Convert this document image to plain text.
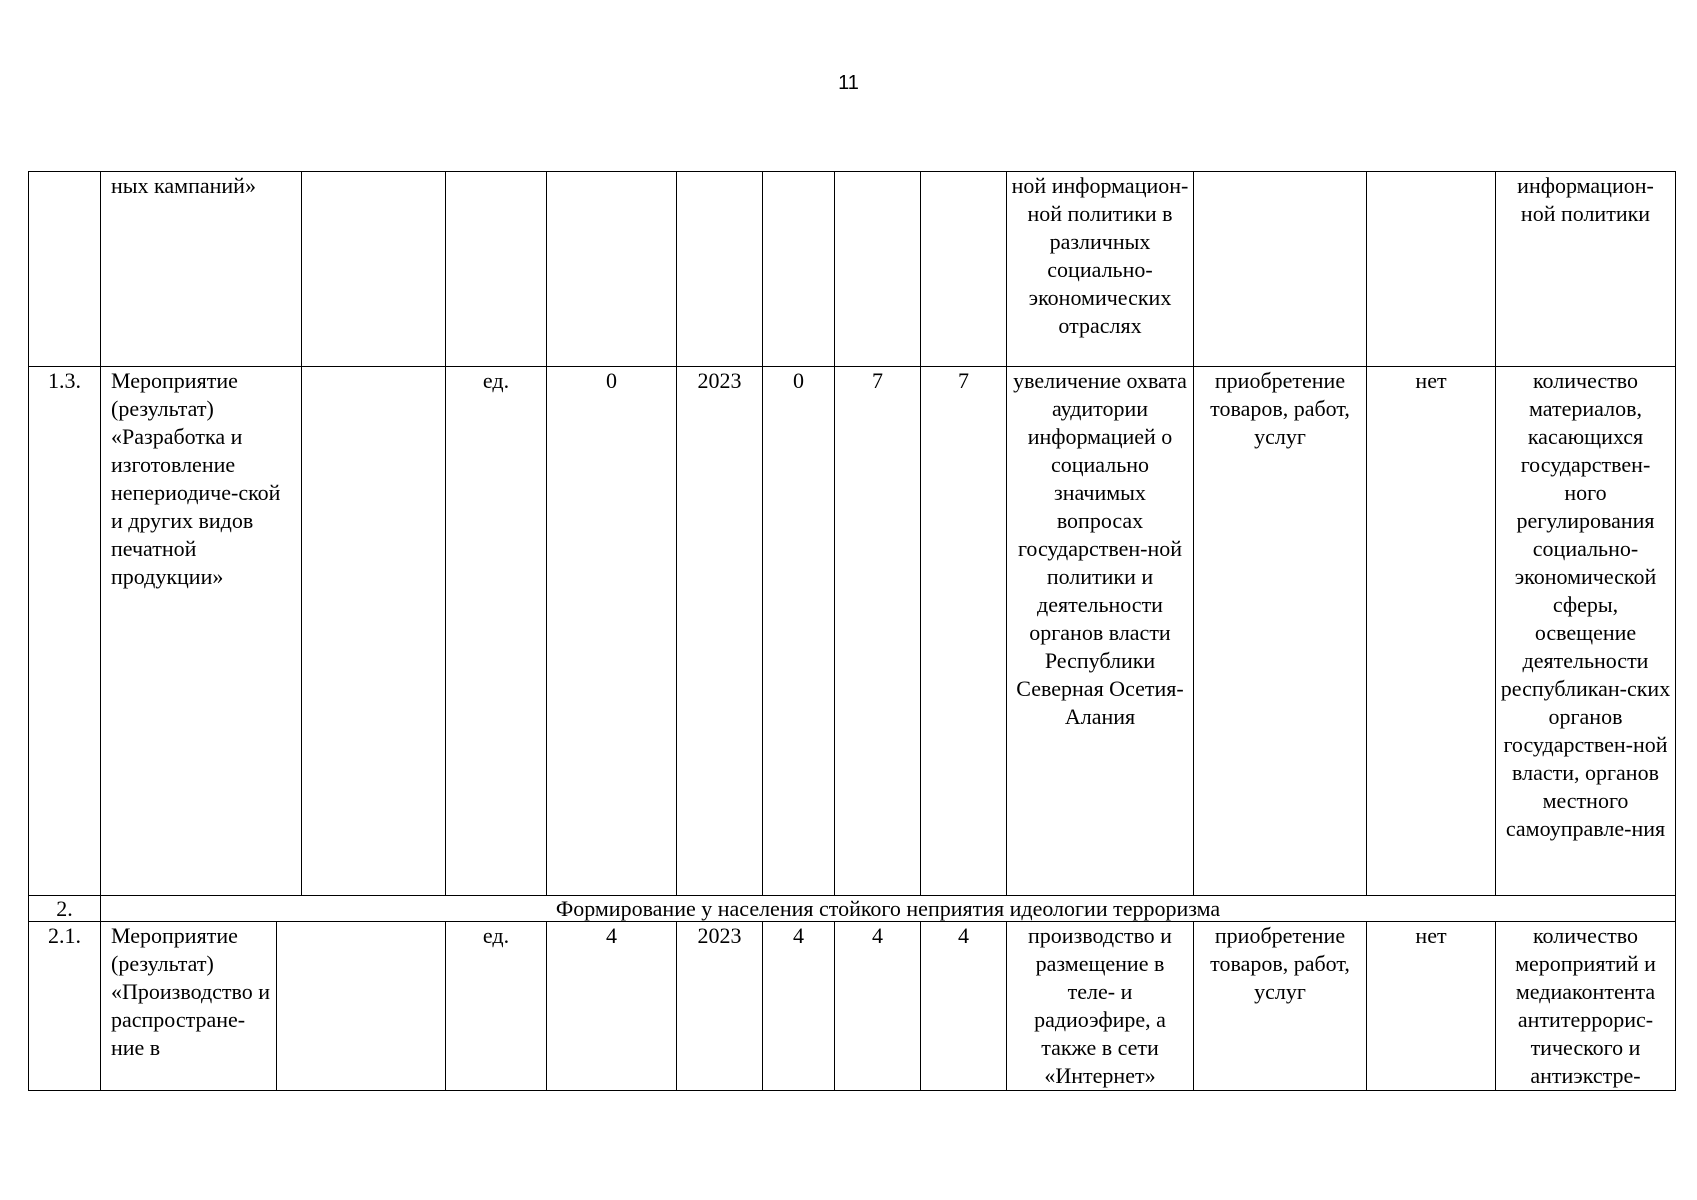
11
	ных кампаний»								ной информацион-ной политики в различных социально-экономических отраслях			информацион-ной политики
1.3.	Мероприятие (результат) «Разработка и изготовление непериодиче-ской и других видов печатной продукции»		ед.	0	2023	0	7	7	увеличение охвата аудитории информацией о социально значимых вопросах государствен-ной политики и деятельности органов власти Республики Северная Осетия-Алания	приобретение товаров, работ, услуг	нет	количество материалов, касающихся государствен-ного регулирования социально-экономической сферы, освещение деятельности республикан-ских органов государствен-ной власти, органов местного самоуправле-ния
2.	Формирование у населения стойкого неприятия идеологии терроризма											
2.1.	Мероприятие (результат) «Производство и распростране-ние в		ед.	4	2023	4	4	4	производство и размещение в теле- и радиоэфире, а также в сети «Интернет»	приобретение товаров, работ, услуг	нет	количество мероприятий и медиаконтента антитеррорис-тического и антиэкстре-
